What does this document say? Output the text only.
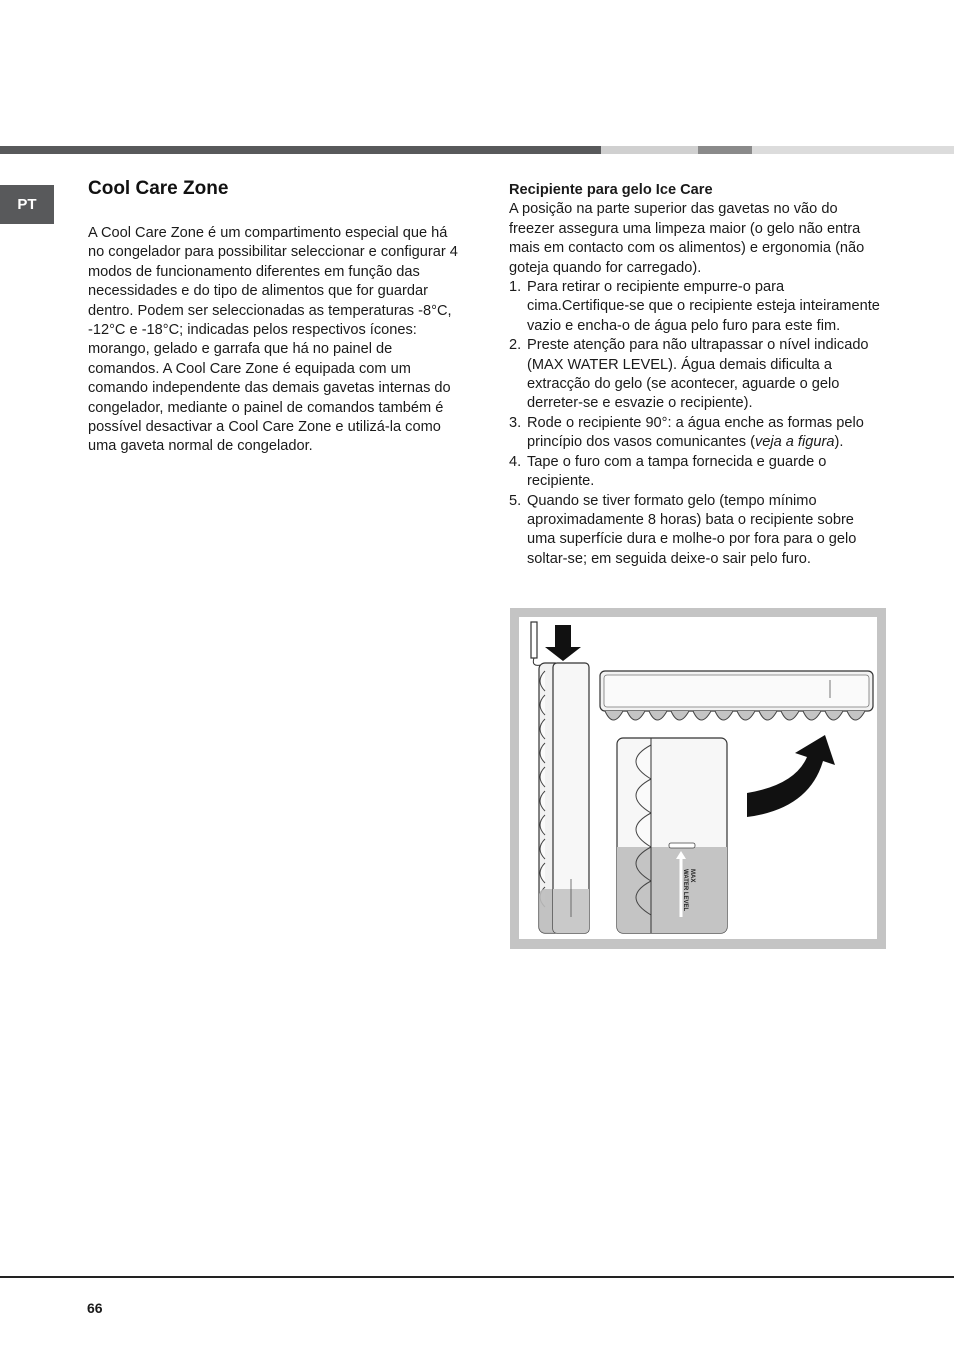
PT
Cool Care Zone

A Cool Care Zone é um compartimento especial que há no congelador para possibilitar seleccionar e configurar 4 modos de funcionamento diferentes em função das necessidades e do tipo de alimentos que for guardar dentro. Podem ser seleccionadas as temperaturas -8°C, -12°C e -18°C; indicadas pelos respectivos ícones: morango, gelado e garrafa que há no painel de comandos. A Cool Care Zone é equipada com um comando independente das demais gavetas internas do congelador, mediante o painel de comandos também é possível desactivar a Cool Care Zone e utilizá-la como uma gaveta normal de congelador.

Recipiente para gelo Ice Care

A posição na parte superior das gavetas no vão do freezer assegura uma limpeza maior (o gelo não entra mais em contacto com os alimentos) e ergonomia (não goteja quando for carregado).

1. Para retirar o recipiente empurre-o para cima.Certifique-se que o recipiente esteja inteiramente vazio e encha-o de água pelo furo para este fim.
2. Preste atenção para não ultrapassar o nível indicado (MAX WATER LEVEL). Água demais dificulta a extracção do gelo (se acontecer, aguarde o gelo derreter-se e esvazie o recipiente).
3. Rode o recipiente 90°: a água enche as formas pelo princípio dos vasos comunicantes (veja a figura).
4. Tape o furo com a tampa fornecida e guarde o recipiente.
5. Quando se tiver formato gelo (tempo mínimo aproximadamente 8 horas) bata o recipiente sobre uma superfície dura e molhe-o por fora para o gelo soltar-se; em seguida deixe-o sair pelo furo.
MAX
WATER LEVEL
66
